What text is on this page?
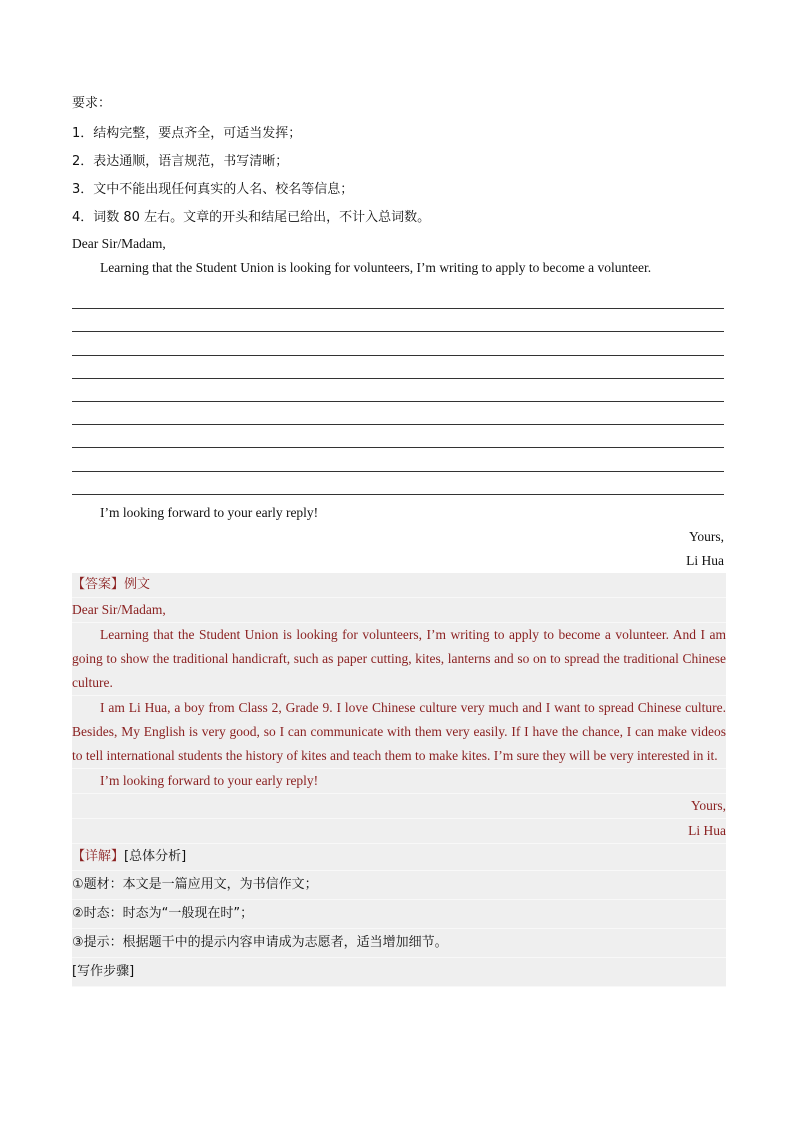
要求：
1．结构完整，要点齐全，可适当发挥；
2．表达通顺，语言规范，书写清晰；
3．文中不能出现任何真实的人名、校名等信息；
4．词数 80 左右。文章的开头和结尾已给出，不计入总词数。
Dear Sir/Madam,
Learning that the Student Union is looking for volunteers, I’m writing to apply to become a volunteer.
I’m looking forward to your early reply!
Yours,
Li Hua
【答案】例文
Dear Sir/Madam,
Learning that the Student Union is looking for volunteers, I’m writing to apply to become a volunteer. And I am going to show the traditional handicraft, such as paper cutting, kites, lanterns and so on to spread the traditional Chinese culture.
I am Li Hua, a boy from Class 2, Grade 9. I love Chinese culture very much and I want to spread Chinese culture. Besides, My English is very good, so I can communicate with them very easily. If I have the chance, I can make videos to tell international students the history of kites and teach them to make kites. I’m sure they will be very interested in it.
I’m looking forward to your early reply!
Yours,
Li Hua
【详解】[总体分析]
①题材：本文是一篇应用文，为书信作文；
②时态：时态为“一般现在时”；
③提示：根据题干中的提示内容申请成为志愿者，适当增加细节。
[写作步骤]
